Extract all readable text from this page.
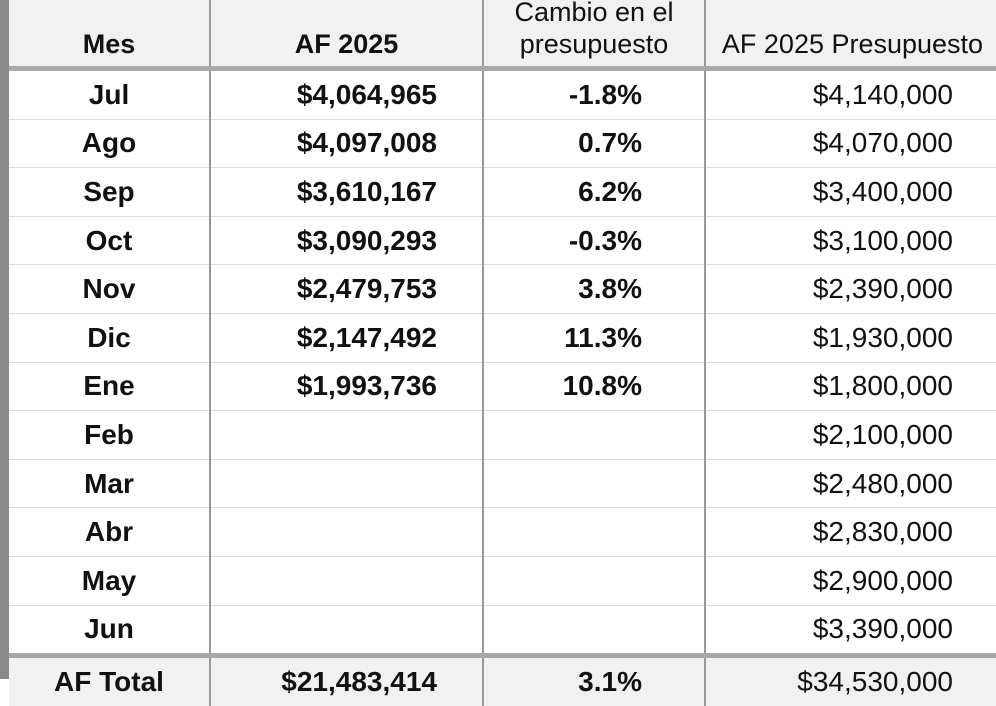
Mes	AF 2025	Cambio en el presupuesto	AF 2025 Presupuesto
Jul	$4,064,965	-1.8%	$4,140,000
Ago	$4,097,008	0.7%	$4,070,000
Sep	$3,610,167	6.2%	$3,400,000
Oct	$3,090,293	-0.3%	$3,100,000
Nov	$2,479,753	3.8%	$2,390,000
Dic	$2,147,492	11.3%	$1,930,000
Ene	$1,993,736	10.8%	$1,800,000
Feb			$2,100,000
Mar			$2,480,000
Abr			$2,830,000
May			$2,900,000
Jun			$3,390,000
AF Total	$21,483,414	3.1%	$34,530,000
